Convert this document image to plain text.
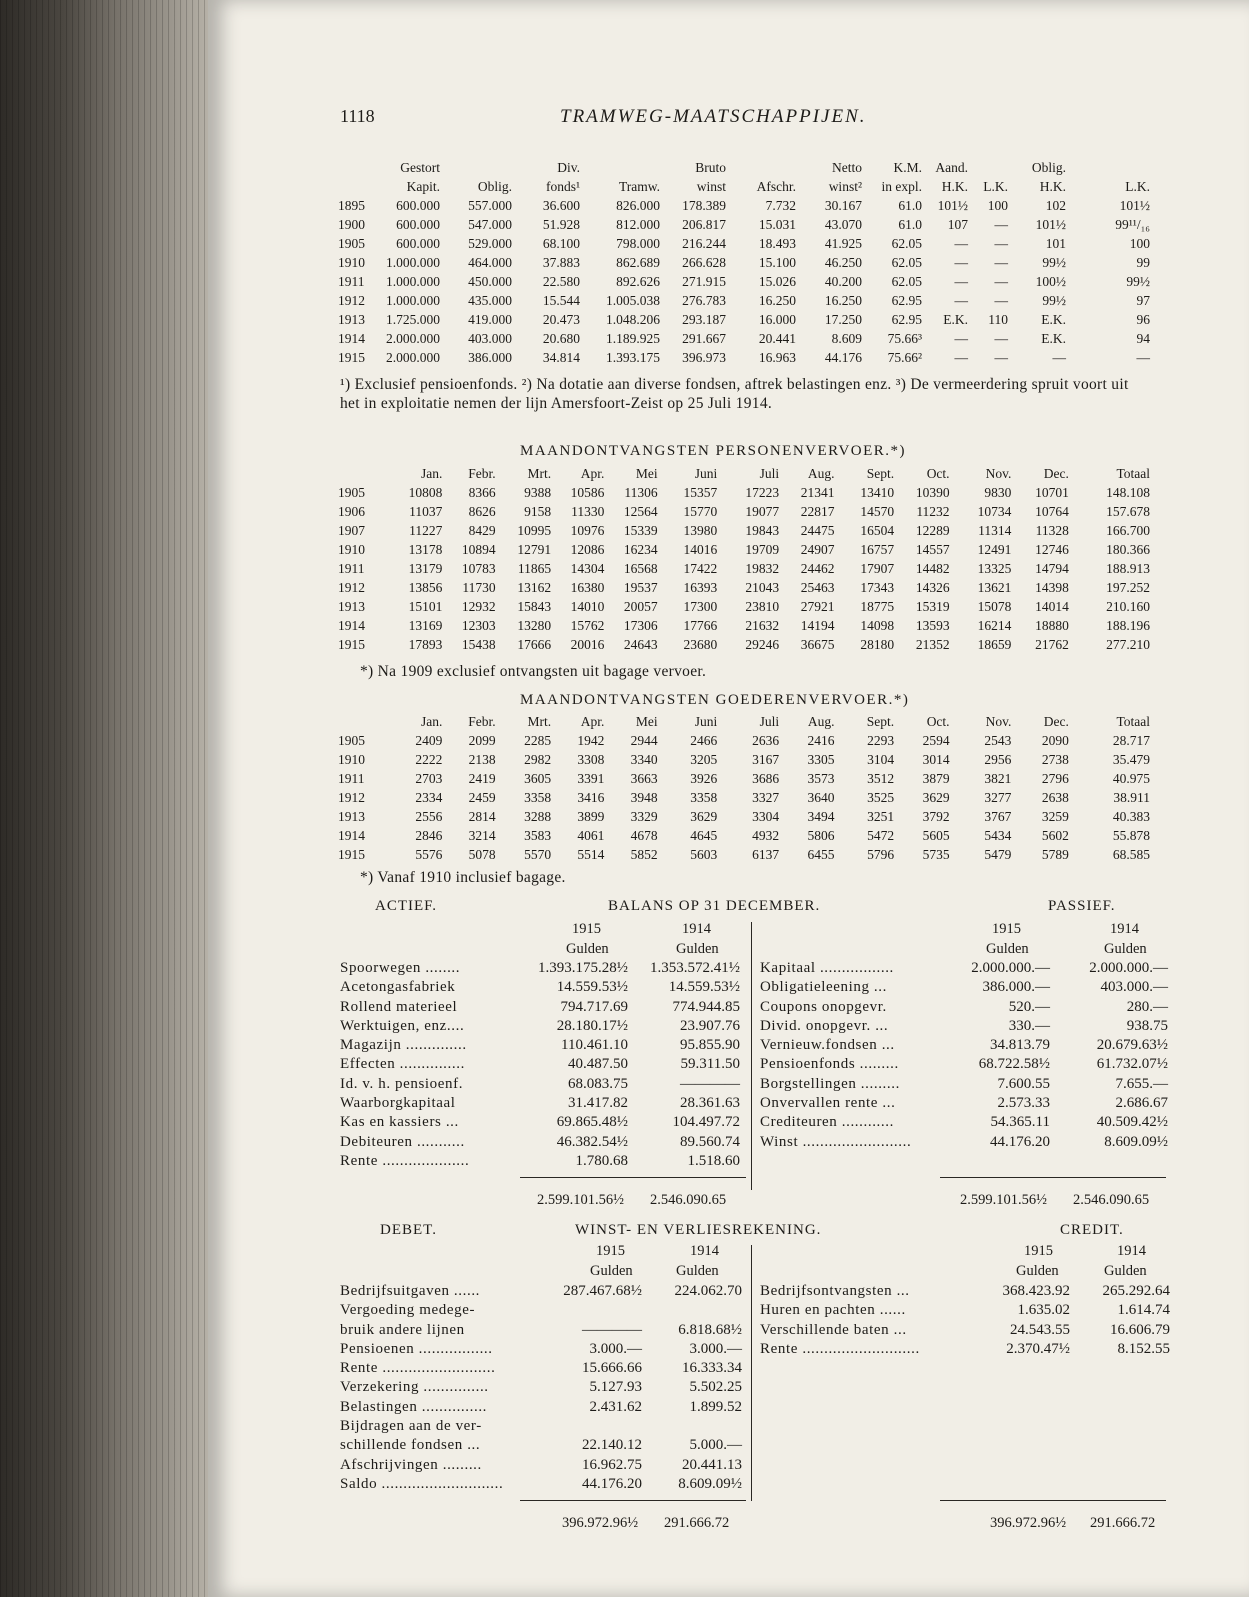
1118	TRAMWEG-MAATSCHAPPIJEN.
	Gestort		Div.		Bruto		Netto	K.M.	Aand.		Oblig.	
	Kapit.	Oblig.	fonds¹	Tramw.	winst	Afschr.	winst²	in expl.	H.K.	L.K.	H.K.	L.K.
1895	600.000	557.000	36.600	826.000	178.389	7.732	30.167	61.0	101½	100	102	101½
1900	600.000	547.000	51.928	812.000	206.817	15.031	43.070	61.0	107	—	101½	99¹¹/₁₆
1905	600.000	529.000	68.100	798.000	216.244	18.493	41.925	62.05	—	—	101	100
1910	1.000.000	464.000	37.883	862.689	266.628	15.100	46.250	62.05	—	—	99½	99
1911	1.000.000	450.000	22.580	892.626	271.915	15.026	40.200	62.05	—	—	100½	99½
1912	1.000.000	435.000	15.544	1.005.038	276.783	16.250	16.250	62.95	—	—	99½	97
1913	1.725.000	419.000	20.473	1.048.206	293.187	16.000	17.250	62.95	E.K.	110	E.K.	96
1914	2.000.000	403.000	20.680	1.189.925	291.667	20.441	8.609	75.66³	—	—	E.K.	94
1915	2.000.000	386.000	34.814	1.393.175	396.973	16.963	44.176	75.66²	—	—	—	—
¹) Exclusief pensioenfonds. ²) Na dotatie aan diverse fondsen, aftrek belastingen enz. ³) De vermeerdering spruit voort uit het in exploitatie nemen der lijn Amersfoort-Zeist op 25 Juli 1914.
MAANDONTVANGSTEN PERSONENVERVOER.*)
	Jan.	Febr.	Mrt.	Apr.	Mei	Juni	Juli	Aug.	Sept.	Oct.	Nov.	Dec.	Totaal
1905	10808	8366	9388	10586	11306	15357	17223	21341	13410	10390	9830	10701	148.108
1906	11037	8626	9158	11330	12564	15770	19077	22817	14570	11232	10734	10764	157.678
1907	11227	8429	10995	10976	15339	13980	19843	24475	16504	12289	11314	11328	166.700
1910	13178	10894	12791	12086	16234	14016	19709	24907	16757	14557	12491	12746	180.366
1911	13179	10783	11865	14304	16568	17422	19832	24462	17907	14482	13325	14794	188.913
1912	13856	11730	13162	16380	19537	16393	21043	25463	17343	14326	13621	14398	197.252
1913	15101	12932	15843	14010	20057	17300	23810	27921	18775	15319	15078	14014	210.160
1914	13169	12303	13280	15762	17306	17766	21632	14194	14098	13593	16214	18880	188.196
1915	17893	15438	17666	20016	24643	23680	29246	36675	28180	21352	18659	21762	277.210
*) Na 1909 exclusief ontvangsten uit bagage vervoer.
MAANDONTVANGSTEN GOEDERENVERVOER.*)
	Jan.	Febr.	Mrt.	Apr.	Mei	Juni	Juli	Aug.	Sept.	Oct.	Nov.	Dec.	Totaal
1905	2409	2099	2285	1942	2944	2466	2636	2416	2293	2594	2543	2090	28.717
1910	2222	2138	2982	3308	3340	3205	3167	3305	3104	3014	2956	2738	35.479
1911	2703	2419	3605	3391	3663	3926	3686	3573	3512	3879	3821	2796	40.975
1912	2334	2459	3358	3416	3948	3358	3327	3640	3525	3629	3277	2638	38.911
1913	2556	2814	3288	3899	3329	3629	3304	3494	3251	3792	3767	3259	40.383
1914	2846	3214	3583	4061	4678	4645	4932	5806	5472	5605	5434	5602	55.878
1915	5576	5078	5570	5514	5852	5603	6137	6455	5796	5735	5479	5789	68.585
*) Vanaf 1910 inclusief bagage.
ACTIEF.	BALANS OP 31 DECEMBER.	PASSIEF.
1915	1914
Gulden	Gulden
1915	1914
Gulden	Gulden
Spoorwegen ........	1.393.175.28½ 1.353.572.41½
Acetongasfabriek	14.559.53½	14.559.53½
Rollend materieel	794.717.69	774.944.85
Werktuigen, enz....	28.180.17½	23.907.76
Magazijn ..............	110.461.10	95.855.90
Effecten ...............	40.487.50	59.311.50
Id. v. h. pensioenf.	68.083.75	————
Waarborgkapitaal	31.417.82	28.361.63
Kas en kassiers ...	69.865.48½	104.497.72
Debiteuren ...........	46.382.54½	89.560.74
Rente ....................	1.780.68	1.518.60
Kapitaal .................	2.000.000.—	2.000.000.—
Obligatieleening ...	386.000.—	403.000.—
Coupons onopgevr.	520.—	280.—
Divid. onopgevr. ...	330.—	938.75
Vernieuw.fondsen ...	34.813.79	20.679.63½
Pensioenfonds .........	68.722.58½	61.732.07½
Borgstellingen .........	7.600.55	7.655.—
Onvervallen rente ...	2.573.33	2.686.67
Crediteuren ............	54.365.11	40.509.42½
Winst .........................	44.176.20	8.609.09½
2.599.101.56½ 2.546.090.65	2.599.101.56½ 2.546.090.65
DEBET.	WINST- EN VERLIESREKENING.	CREDIT.
1915	1914
Gulden	Gulden
1915	1914
Gulden	Gulden
Bedrijfsuitgaven ......	287.467.68½ 224.062.70
Vergoeding medege-
bruik andere lijnen	———— 6.818.68½
Pensioenen .................	3.000.—	3.000.—
Rente ..........................	15.666.66	16.333.34
Verzekering ...............	5.127.93	5.502.25
Belastingen ...............	2.431.62	1.899.52
Bijdragen aan de ver-
schillende fondsen ...	22.140.12	5.000.—
Afschrijvingen .........	16.962.75	20.441.13
Saldo ............................	44.176.20 8.609.09½
Bedrijfsontvangsten ...	368.423.92 265.292.64
Huren en pachten ......	1.635.02	1.614.74
Verschillende baten ...	24.543.55	16.606.79
Rente ...........................	2.370.47½	8.152.55
396.972.96½ 291.666.72	396.972.96½ 291.666.72
